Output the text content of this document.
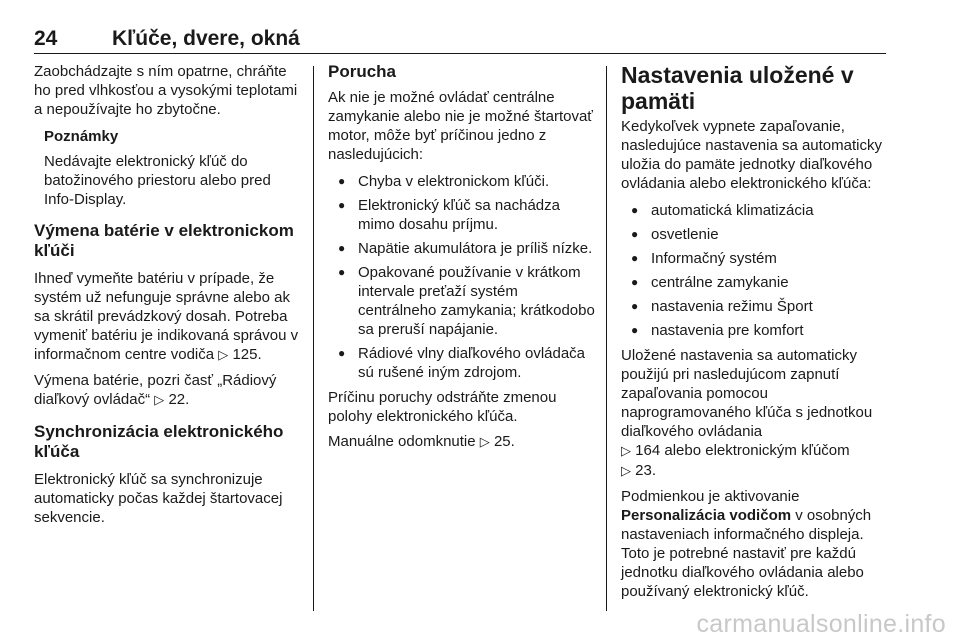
24	Kľúče, dvere, okná

Zaobchádzajte s ním opatrne, chráňte ho pred vlhkosťou a vysokými teplotami a nepoužívajte ho zbytočne.

Poznámky

Nedávajte elektronický kľúč do batožinového priestoru alebo pred Info-Display.

Výmena batérie v elektronickom kľúči

Ihneď vymeňte batériu v prípade, že systém už nefunguje správne alebo ak sa skrátil prevádzkový dosah. Potreba vymeniť batériu je indikovaná správou v informačnom centre vodiča ▷ 125.

Výmena batérie, pozri časť „Rádiový diaľkový ovládač“ ▷ 22.

Synchronizácia elektronického kľúča

Elektronický kľúč sa synchronizuje automaticky počas každej štartovacej sekvencie.

Porucha

Ak nie je možné ovládať centrálne zamykanie alebo nie je možné štartovať motor, môže byť príčinou jedno z nasledujúcich:

● Chyba v elektronickom kľúči.
● Elektronický kľúč sa nachádza mimo dosahu príjmu.
● Napätie akumulátora je príliš nízke.
● Opakované používanie v krátkom intervale preťaží systém centrálneho zamykania; krátkodobo sa preruší napájanie.
● Rádiové vlny diaľkového ovládača sú rušené iným zdrojom.

Príčinu poruchy odstráňte zmenou polohy elektronického kľúča.

Manuálne odomknutie ▷ 25.

Nastavenia uložené v pamäti

Kedykoľvek vypnete zapaľovanie, nasledujúce nastavenia sa automaticky uložia do pamäte jednotky diaľkového ovládania alebo elektronického kľúča:

● automatická klimatizácia
● osvetlenie
● Informačný systém
● centrálne zamykanie
● nastavenia režimu Šport
● nastavenia pre komfort

Uložené nastavenia sa automaticky použijú pri nasledujúcom zapnutí zapaľovania pomocou naprogramovaného kľúča s jednotkou diaľkového ovládania
▷ 164 alebo elektronickým kľúčom
▷ 23.

Podmienkou je aktivovanie
Personalizácia vodičom v osobných nastaveniach informačného displeja. Toto je potrebné nastaviť pre každú jednotku diaľkového ovládania alebo používaný elektronický kľúč.

carmanualsonline.info
